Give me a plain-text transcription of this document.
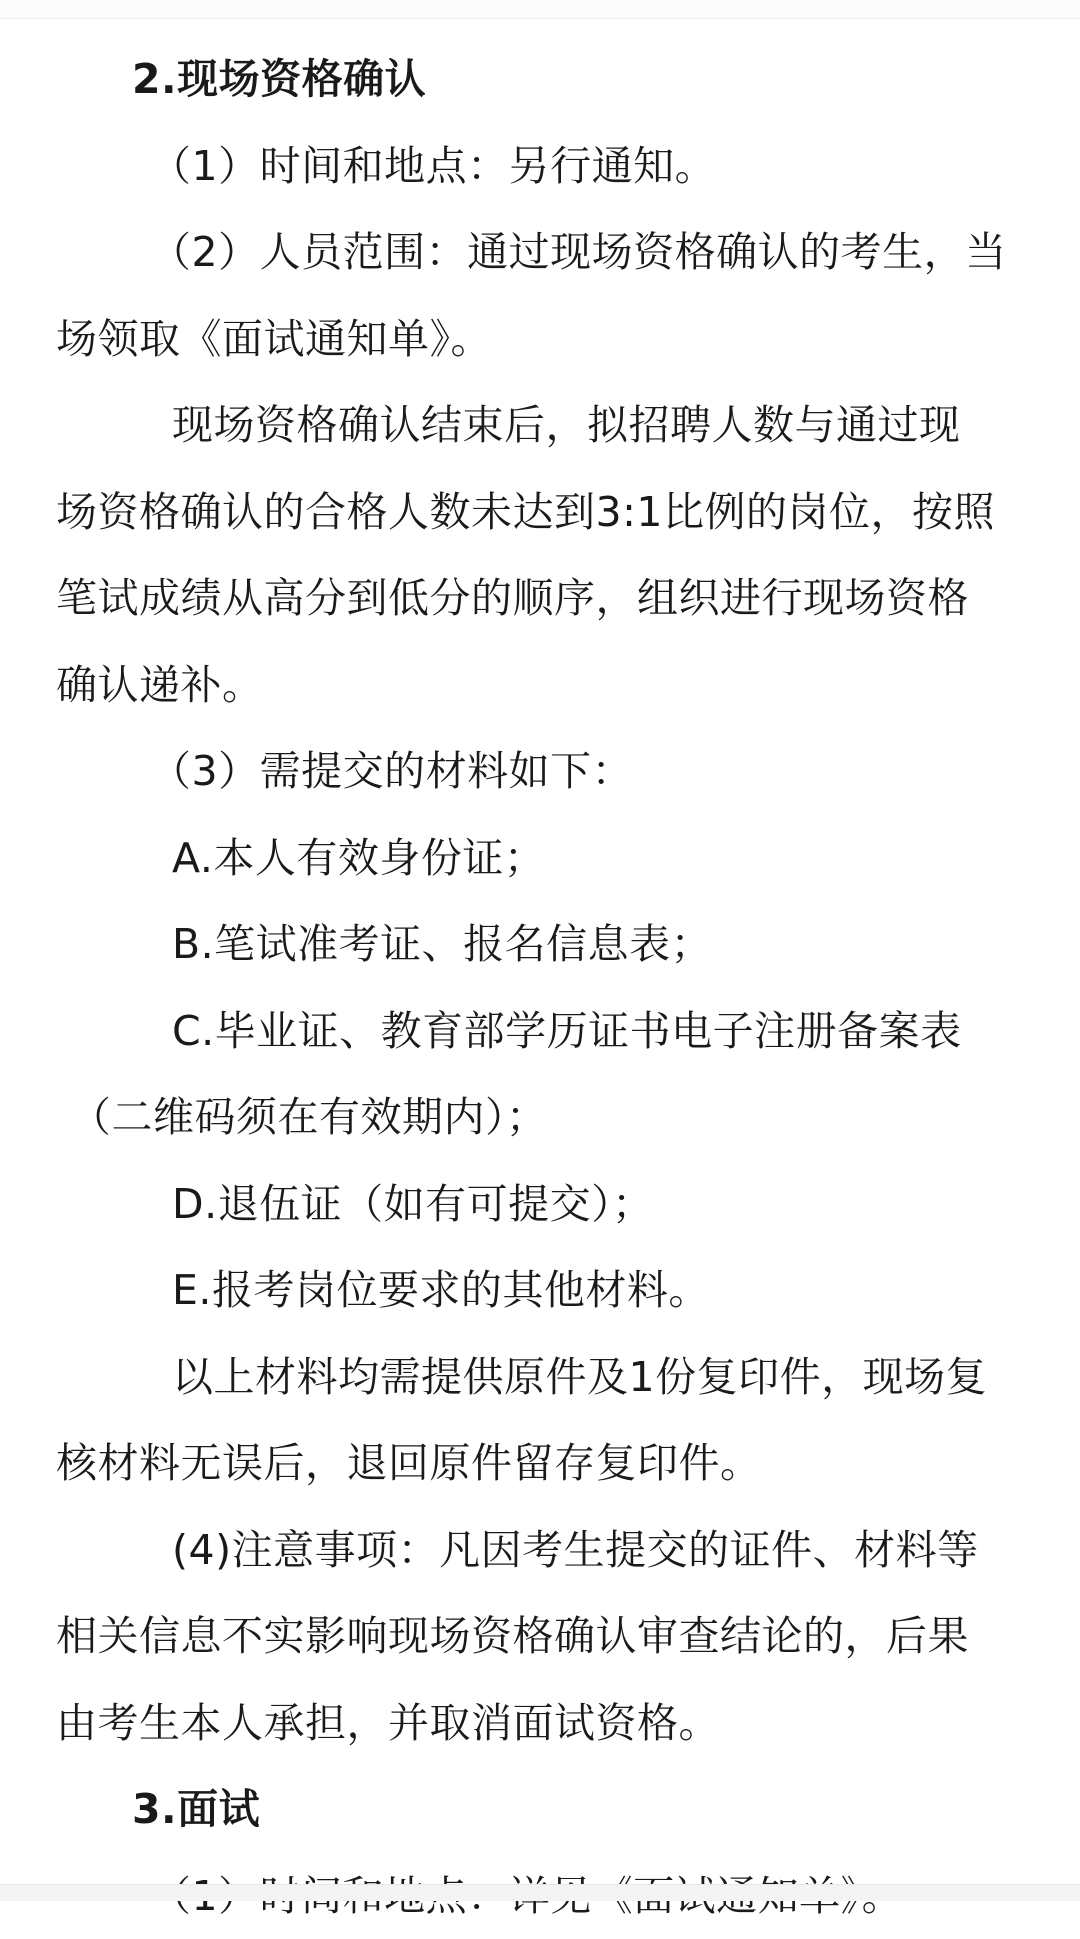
2.现场资格确认
（1）时间和地点：另行通知。
（2）人员范围：通过现场资格确认的考生，当
场领取《面试通知单》。
现场资格确认结束后，拟招聘人数与通过现
场资格确认的合格人数未达到3:1比例的岗位，按照
笔试成绩从高分到低分的顺序，组织进行现场资格
确认递补。
（3）需提交的材料如下：
A.本人有效身份证；
B.笔试准考证、报名信息表；
C.毕业证、教育部学历证书电子注册备案表
（二维码须在有效期内）；
D.退伍证（如有可提交）；
E.报考岗位要求的其他材料。
以上材料均需提供原件及1份复印件，现场复
核材料无误后，退回原件留存复印件。
(4)注意事项：凡因考生提交的证件、材料等
相关信息不实影响现场资格确认审查结论的，后果
由考生本人承担，并取消面试资格。
3.面试
